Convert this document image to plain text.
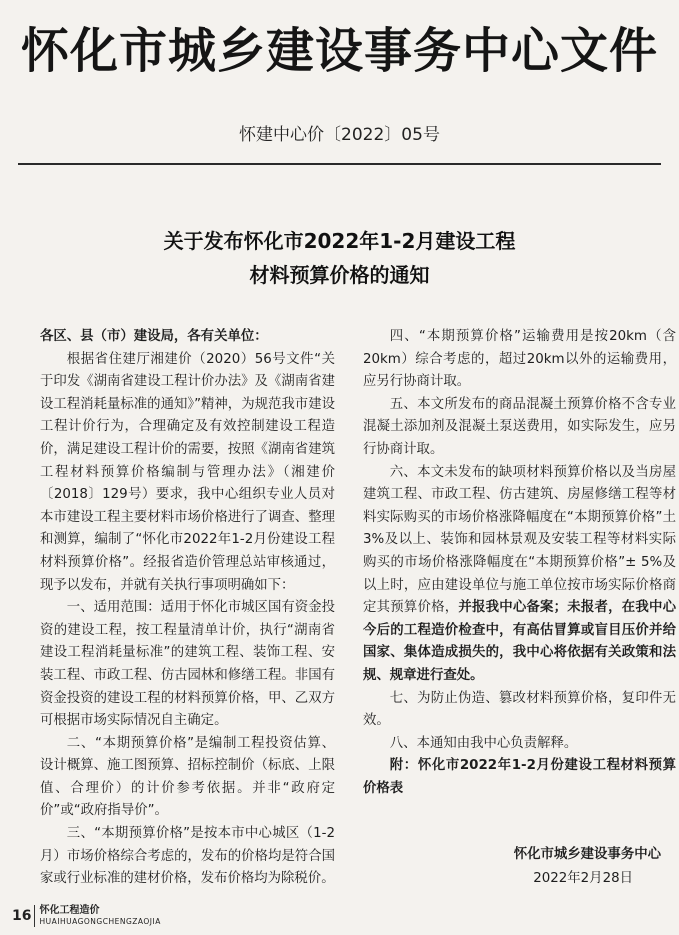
怀化市城乡建设事务中心文件
怀建中心价〔2022〕05号
关于发布怀化市2022年1-2月建设工程
材料预算价格的通知

各区、县（市）建设局，各有关单位：

根据省住建厅湘建价（2020）56号文件“关于印发《湖南省建设工程计价办法》及《湖南省建设工程消耗量标准的通知》”精神，为规范我市建设工程计价行为，合理确定及有效控制建设工程造价，满足建设工程计价的需要，按照《湖南省建筑工程材料预算价格编制与管理办法》（湘建价〔2018〕129号）要求，我中心组织专业人员对本市建设工程主要材料市场价格进行了调查、整理和测算，编制了“怀化市2022年1-2月份建设工程材料预算价格”。经报省造价管理总站审核通过，现予以发布，并就有关执行事项明确如下：

一、适用范围：适用于怀化市城区国有资金投资的建设工程，按工程量清单计价，执行“湖南省建设工程消耗量标准”的建筑工程、装饰工程、安装工程、市政工程、仿古园林和修缮工程。非国有资金投资的建设工程的材料预算价格，甲、乙双方可根据市场实际情况自主确定。

二、“本期预算价格”是编制工程投资估算、设计概算、施工图预算、招标控制价（标底、上限值、合理价）的计价参考依据。并非“政府定价”或“政府指导价”。

三、“本期预算价格”是按本市中心城区（1-2月）市场价格综合考虑的，发布的价格均是符合国家或行业标准的建材价格，发布价格均为除税价。

四、“本期预算价格”运输费用是按20km（含20km）综合考虑的，超过20km以外的运输费用，应另行协商计取。

五、本文所发布的商品混凝土预算价格不含专业混凝土添加剂及混凝土泵送费用，如实际发生，应另行协商计取。

六、本文未发布的缺项材料预算价格以及当房屋建筑工程、市政工程、仿古建筑、房屋修缮工程等材料实际购买的市场价格涨降幅度在“本期预算价格”土3%及以上、装饰和园林景观及安装工程等材料实际购买的市场价格涨降幅度在“本期预算价格”± 5%及以上时，应由建设单位与施工单位按市场实际价格商定其预算价格，并报我中心备案；未报者，在我中心今后的工程造价检查中，有高估冒算或盲目压价并给国家、集体造成损失的，我中心将依据有关政策和法规、规章进行查处。

七、为防止伪造、篡改材料预算价格，复印件无效。

八、本通知由我中心负责解释。

附：怀化市2022年1-2月份建设工程材料预算价格表

怀化市城乡建设事务中心
2022年2月28日
16 怀化工程造价
HUAIHUAGONGCHENGZAOJIA
